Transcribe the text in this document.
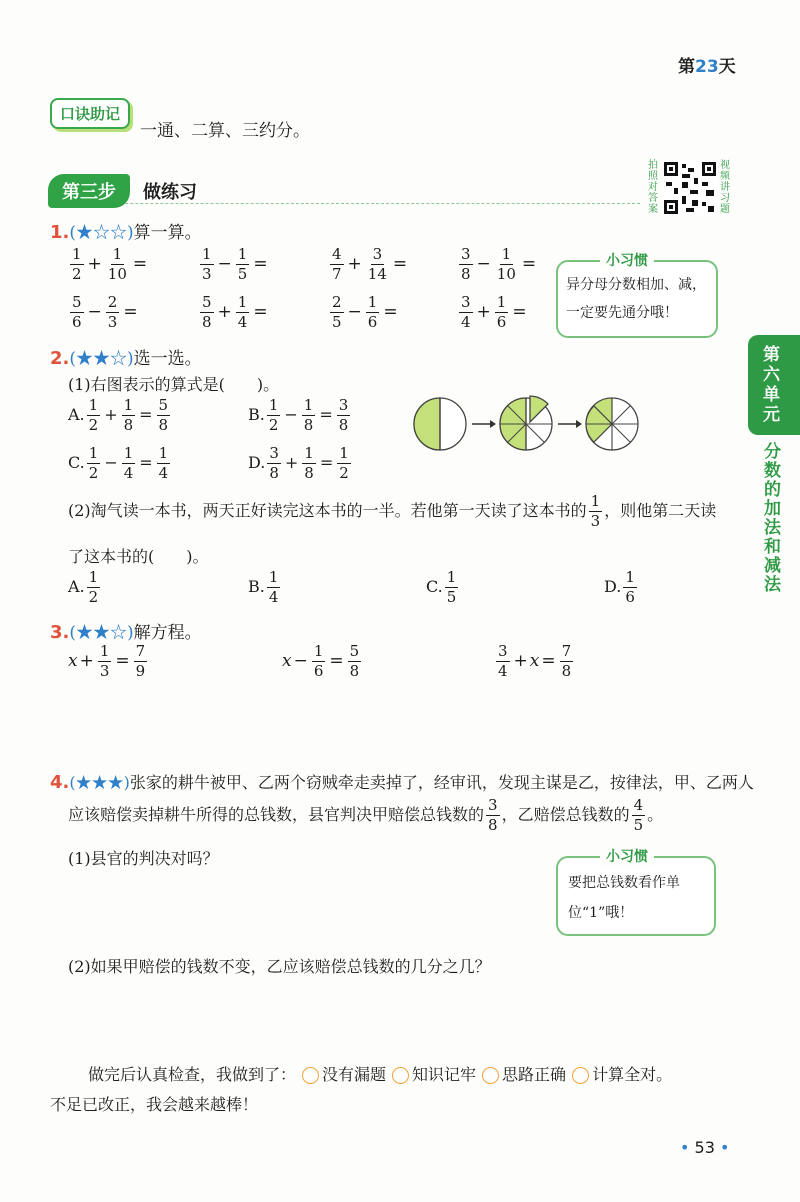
第23天
口诀助记
一通、二算、三约分。
第三步	做练习
拍照对答案
视频讲习题
第六单元
分数的加法和减法
1.(★☆☆)算一算。
$\frac{1}{2} + \frac{1}{10}$ =	$\frac{1}{3} - \frac{1}{5}$ =	$\frac{4}{7} + \frac{3}{14}$ =	$\frac{3}{8} - \frac{1}{10}$ =
$\frac{5}{6} - \frac{2}{3}$ =	$\frac{5}{8} + \frac{1}{4}$ =	$\frac{2}{5} - \frac{1}{6}$ =	$\frac{3}{4} + \frac{1}{6}$ =
小习惯
异分母分数相加、减，
一定要先通分哦！
2.(★★☆)选一选。
(1)右图表示的算式是(　　)。
A. $\frac{1}{2} + \frac{1}{8} = \frac{5}{8}$	B. $\frac{1}{2} - \frac{1}{8} = \frac{3}{8}$
C. $\frac{1}{2} - \frac{1}{4} = \frac{1}{4}$	D. $\frac{3}{8} + \frac{1}{8} = \frac{1}{2}$
(2)淘气读一本书，两天正好读完这本书的一半。若他第一天读了这本书的 $\frac{1}{3}$ ，则他第二天读
了这本书的(　　)。
A. $\frac{1}{2}$	B. $\frac{1}{4}$	C. $\frac{1}{5}$	D. $\frac{1}{6}$
3.(★★☆)解方程。
$x + \frac{1}{3} = \frac{7}{9}$	$x - \frac{1}{6} = \frac{5}{8}$	$\frac{3}{4} + x = \frac{7}{8}$
4.(★★★)张家的耕牛被甲、乙两个窃贼牵走卖掉了，经审讯，发现主谋是乙，按律法，甲、乙两人
应该赔偿卖掉耕牛所得的总钱数，县官判决甲赔偿总钱数的 $\frac{3}{8}$ ，乙赔偿总钱数的 $\frac{4}{5}$ 。
(1)县官的判决对吗？
(2)如果甲赔偿的钱数不变，乙应该赔偿总钱数的几分之几？
小习惯
要把总钱数看作单
位“1”哦！
做完后认真检查，我做到了： 没有漏题 知识记牢 思路正确 计算全对。
不足已改正，我会越来越棒！
• 53 •
